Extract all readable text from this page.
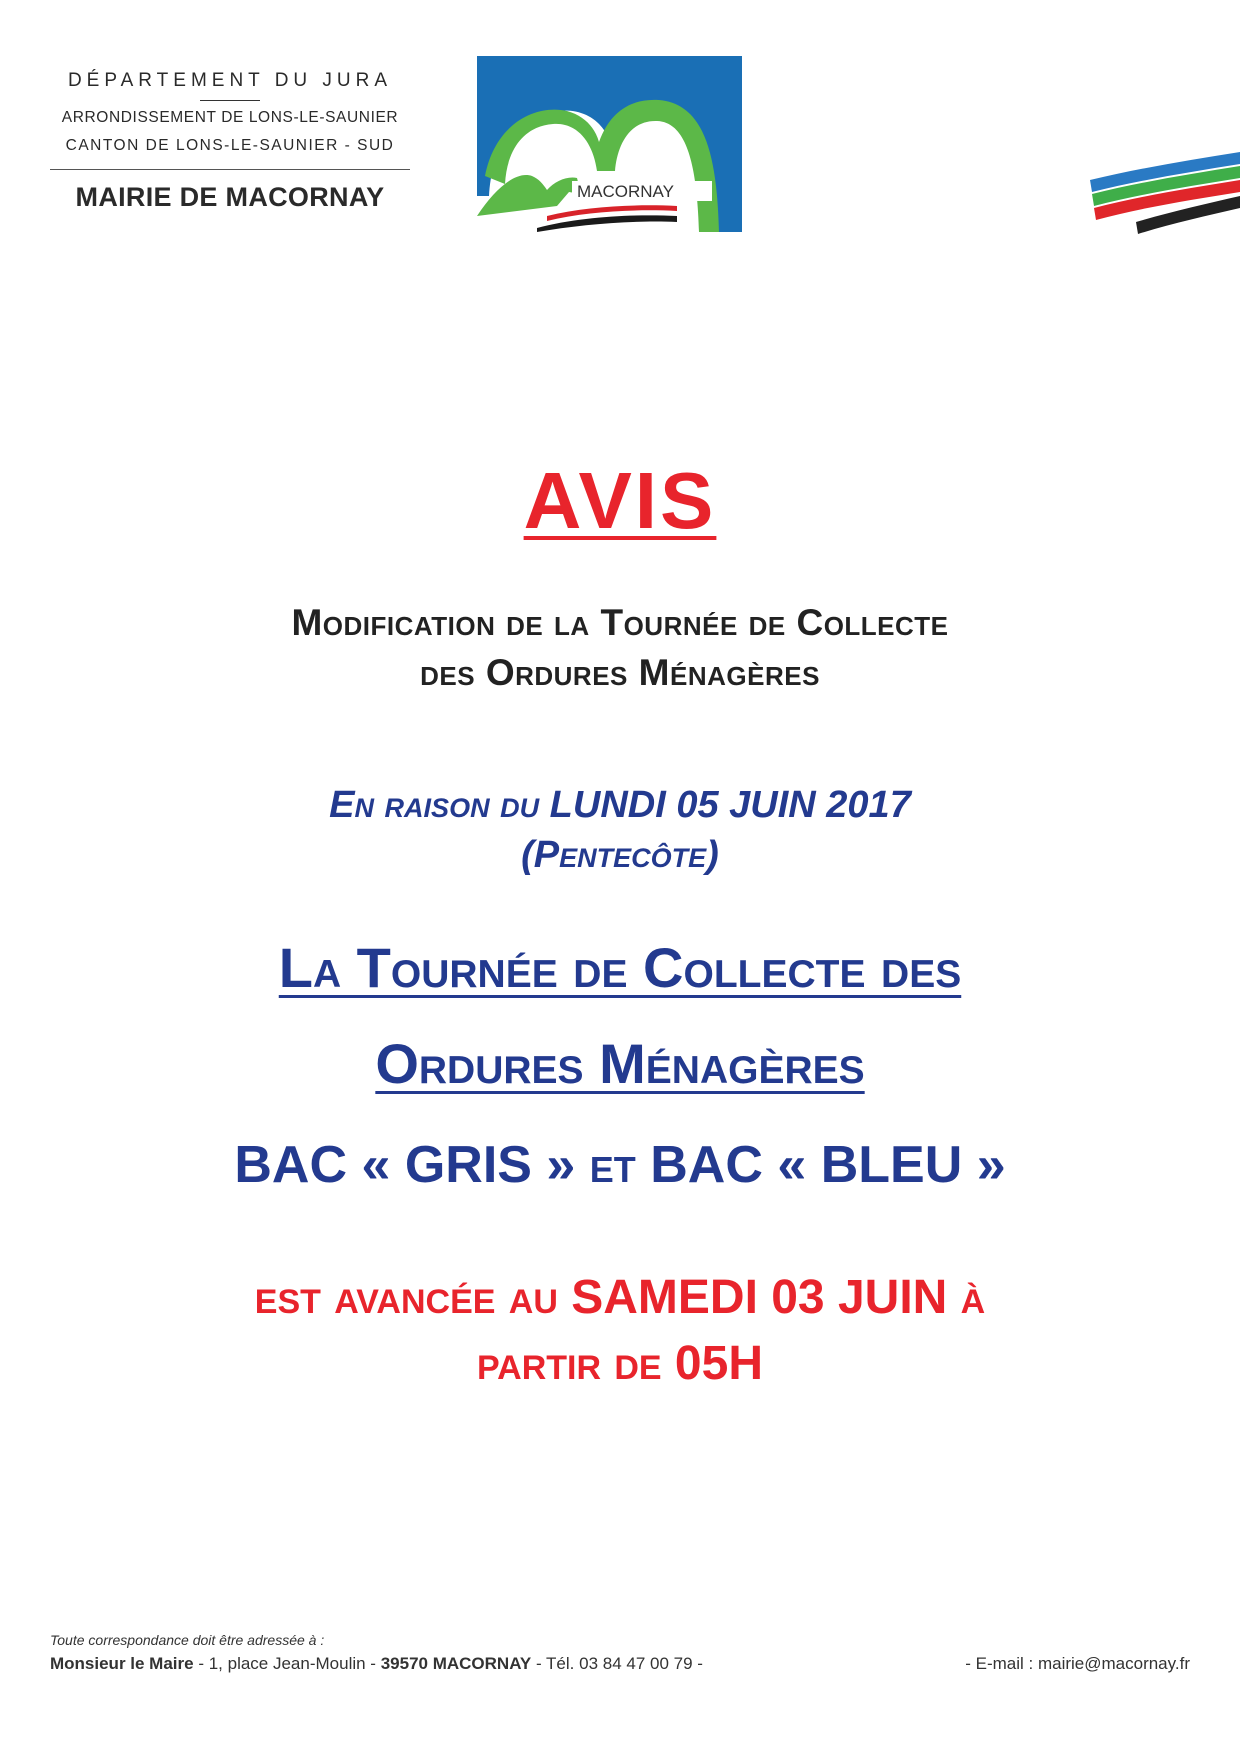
DÉPARTEMENT DU JURA

ARRONDISSEMENT DE LONS-LE-SAUNIER

CANTON DE LONS-LE-SAUNIER - SUD

MAIRIE DE MACORNAY	MACORNAY
AVIS
Modification de la Tournée de Collecte
des Ordures Ménagères
En raison du LUNDI 05 JUIN 2017
(Pentecôte)
La Tournée de Collecte des
Ordures Ménagères
BAC « GRIS » et BAC « BLEU »
est avancée au SAMEDI 03 JUIN à
partir de 05H

Toute correspondance doit être adressée à :

Monsieur le Maire - 1, place Jean-Moulin - 39570 MACORNAY - Tél. 03 84 47 00 79 -	- E-mail : mairie@macornay.fr
